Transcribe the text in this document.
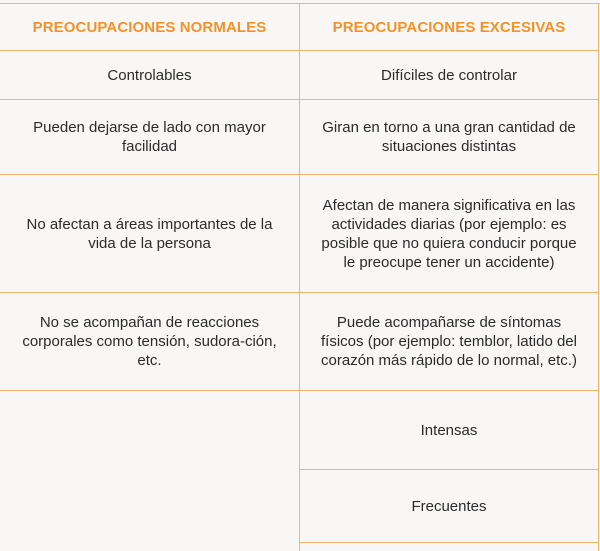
PREOCUPACIONES NORMALES	PREOCUPACIONES EXCESIVAS
Controlables	Difíciles de controlar
Pueden dejarse de lado con mayor facilidad
Giran en torno a una gran cantidad de situaciones distintas
No afectan a áreas importantes de la vida de la persona
Afectan de manera significativa en las actividades diarias (por ejemplo: es posible que no quiera conducir porque le preocupe tener un accidente)
No se acompañan de reacciones corporales como tensión, sudora-ción, etc.
Puede acompañarse de síntomas físicos (por ejemplo: temblor, latido del corazón más rápido de lo normal, etc.)
Intensas
Frecuentes
